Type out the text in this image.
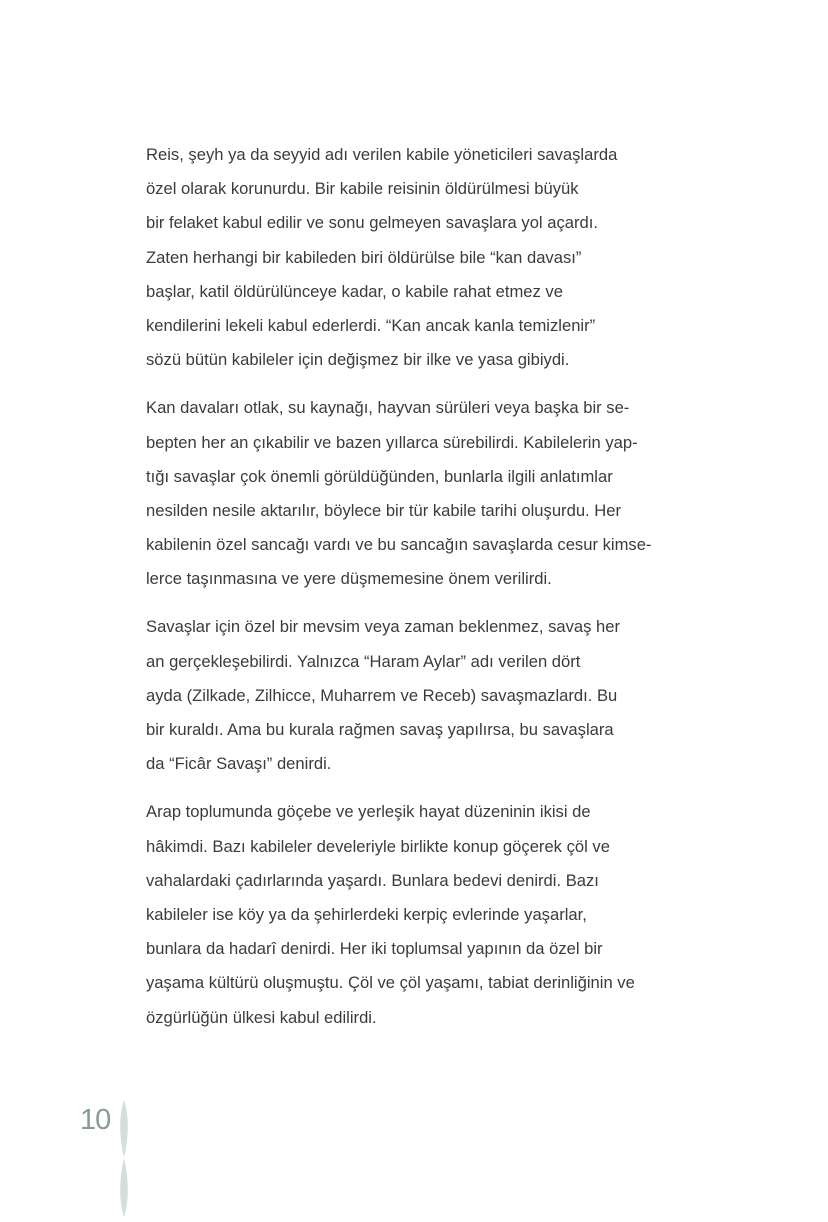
Reis, şeyh ya da seyyid adı verilen kabile yöneticileri savaşlarda
özel olarak korunurdu. Bir kabile reisinin öldürülmesi büyük
bir felaket kabul edilir ve sonu gelmeyen savaşlara yol açardı.
Zaten herhangi bir kabileden biri öldürülse bile “kan davası”
başlar, katil öldürülünceye kadar, o kabile rahat etmez ve
kendilerini lekeli kabul ederlerdi. “Kan ancak kanla temizlenir”
sözü bütün kabileler için değişmez bir ilke ve yasa gibiydi.
Kan davaları otlak, su kaynağı, hayvan sürüleri veya başka bir se-
bepten her an çıkabilir ve bazen yıllarca sürebilirdi. Kabilelerin yap-
tığı savaşlar çok önemli görüldüğünden, bunlarla ilgili anlatımlar
nesilden nesile aktarılır, böylece bir tür kabile tarihi oluşurdu. Her
kabilenin özel sancağı vardı ve bu sancağın savaşlarda cesur kimse-
lerce taşınmasına ve yere düşmemesine önem verilirdi.
Savaşlar için özel bir mevsim veya zaman beklenmez, savaş her
an gerçekleşebilirdi. Yalnızca “Haram Aylar” adı verilen dört
ayda (Zilkade, Zilhicce, Muharrem ve Receb) savaşmazlardı. Bu
bir kuraldı. Ama bu kurala rağmen savaş yapılırsa, bu savaşlara
da “Ficâr Savaşı” denirdi.
Arap toplumunda göçebe ve yerleşik hayat düzeninin ikisi de
hâkimdi. Bazı kabileler develeriyle birlikte konup göçerek çöl ve
vahalardaki çadırlarında yaşardı. Bunlara bedevi denirdi. Bazı
kabileler ise köy ya da şehirlerdeki kerpiç evlerinde yaşarlar,
bunlara da hadarî denirdi. Her iki toplumsal yapının da özel bir
yaşama kültürü oluşmuştu. Çöl ve çöl yaşamı, tabiat derinliğinin ve
özgürlüğün ülkesi kabul edilirdi.
10
